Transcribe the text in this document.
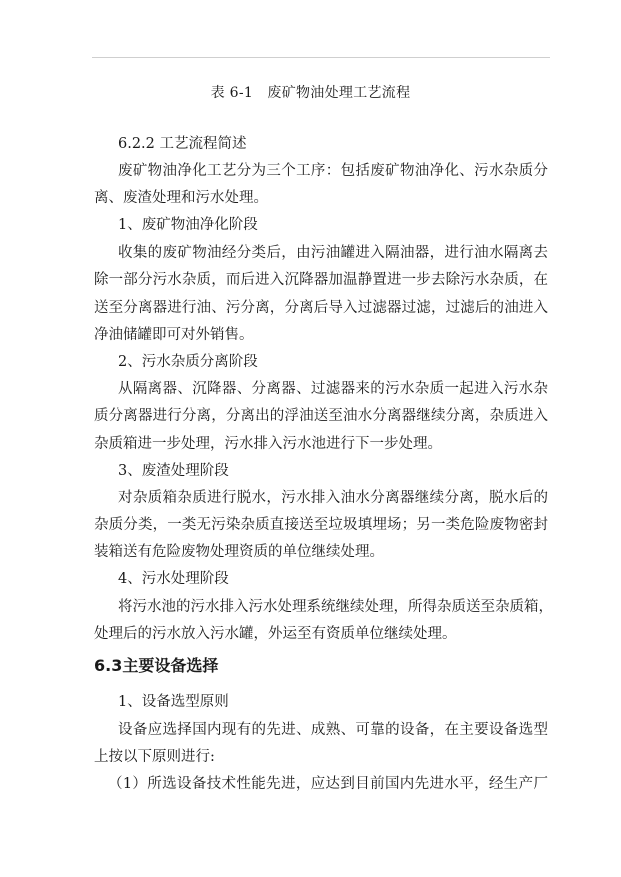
表 6-1　废矿物油处理工艺流程
6.2.2 工艺流程简述
废矿物油净化工艺分为三个工序：包括废矿物油净化、污水杂质分
离、废渣处理和污水处理。
1、废矿物油净化阶段
收集的废矿物油经分类后，由污油罐进入隔油器，进行油水隔离去
除一部分污水杂质，而后进入沉降器加温静置进一步去除污水杂质，在
送至分离器进行油、污分离，分离后导入过滤器过滤，过滤后的油进入
净油储罐即可对外销售。
2、污水杂质分离阶段
从隔离器、沉降器、分离器、过滤器来的污水杂质一起进入污水杂
质分离器进行分离，分离出的浮油送至油水分离器继续分离，杂质进入
杂质箱进一步处理，污水排入污水池进行下一步处理。
3、废渣处理阶段
对杂质箱杂质进行脱水，污水排入油水分离器继续分离，脱水后的
杂质分类，一类无污染杂质直接送至垃圾填埋场；另一类危险废物密封
装箱送有危险废物处理资质的单位继续处理。
4、污水处理阶段
将污水池的污水排入污水处理系统继续处理，所得杂质送至杂质箱，
处理后的污水放入污水罐，外运至有资质单位继续处理。
6.3主要设备选择
1、设备选型原则
设备应选择国内现有的先进、成熟、可靠的设备，在主要设备选型
上按以下原则进行:
（1）所选设备技术性能先进，应达到目前国内先进水平，经生产厂
